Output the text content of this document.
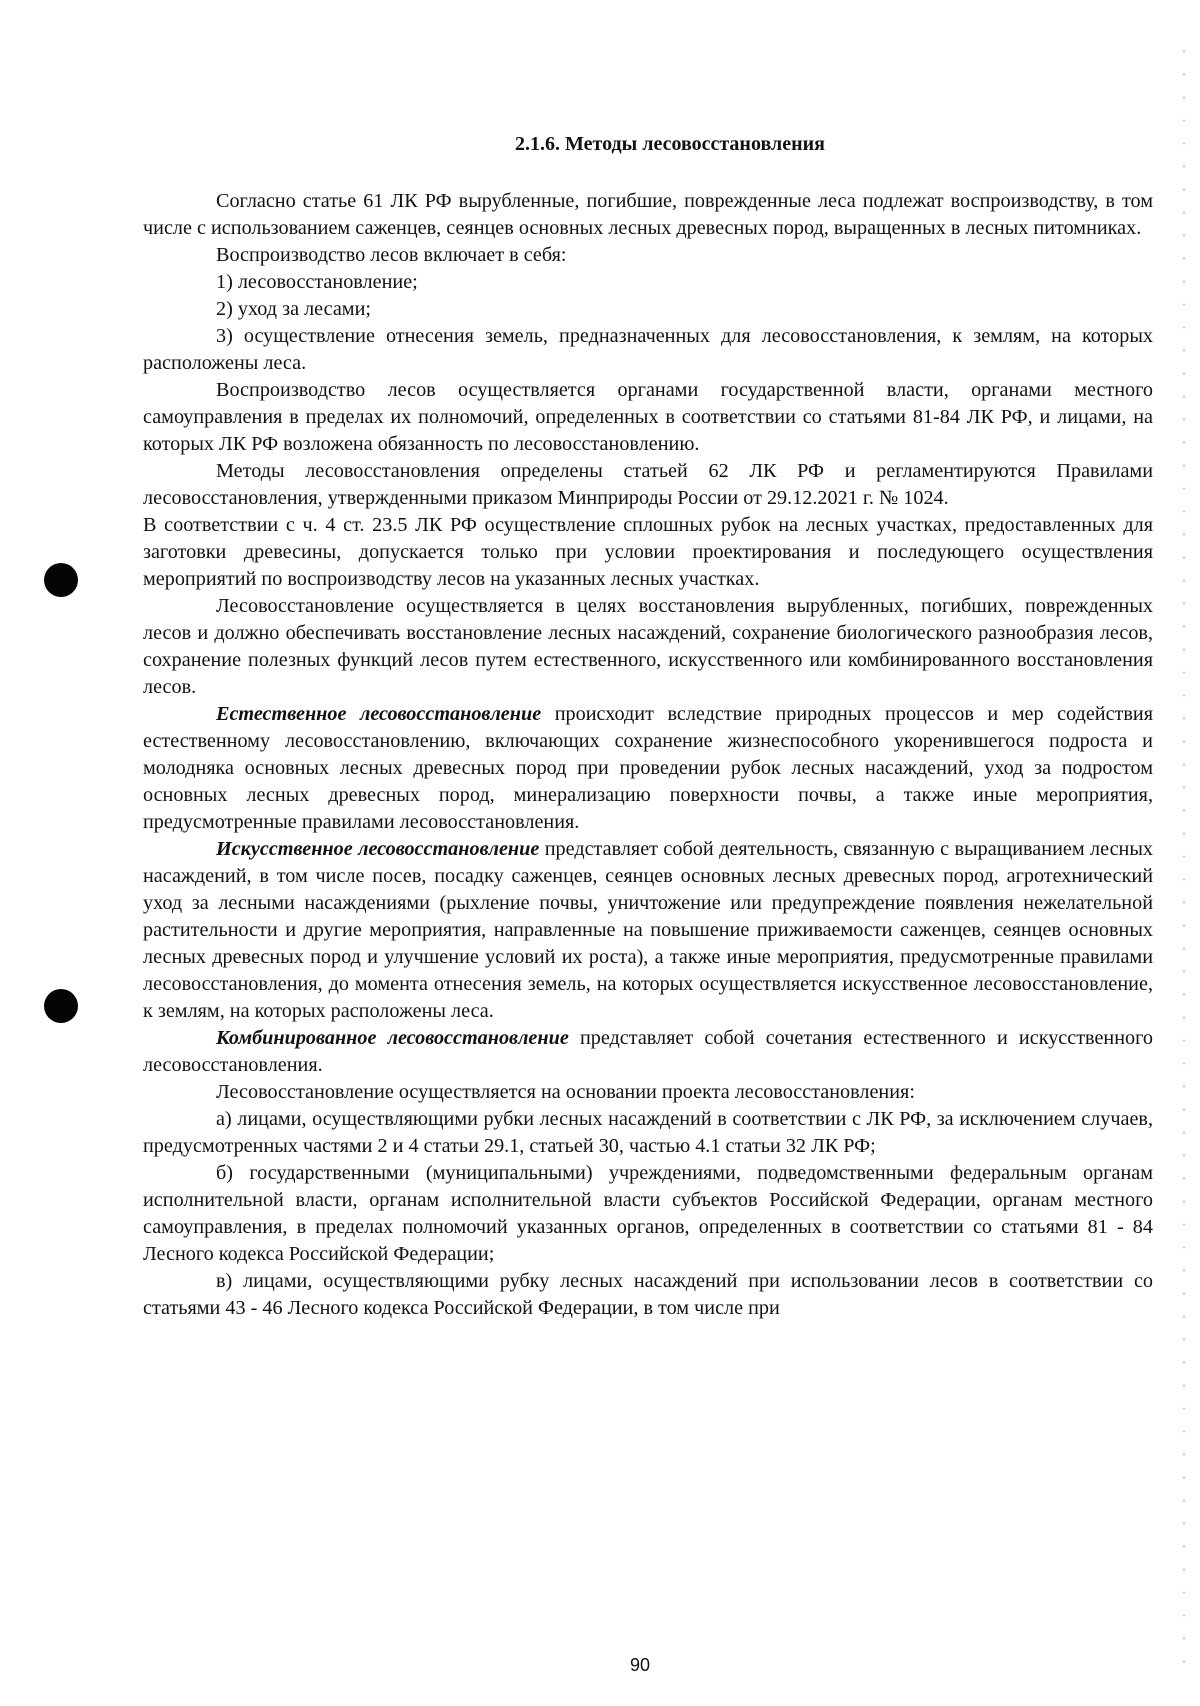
2.1.6. Методы лесовосстановления

Согласно статье 61 ЛК РФ вырубленные, погибшие, поврежденные леса подлежат воспроизводству, в том числе с использованием саженцев, сеянцев основных лесных древесных пород, выращенных в лесных питомниках.

Воспроизводство лесов включает в себя:

1) лесовосстановление;

2) уход за лесами;

3) осуществление отнесения земель, предназначенных для лесовосстановления, к землям, на которых расположены леса.

Воспроизводство лесов осуществляется органами государственной власти, органами местного самоуправления в пределах их полномочий, определенных в соответствии со статьями 81-84 ЛК РФ, и лицами, на которых ЛК РФ возложена обязанность по лесовосстановлению.

Методы лесовосстановления определены статьей 62 ЛК РФ и регламентируются Правилами лесовосстановления, утвержденными приказом Минприроды России от 29.12.2021 г. № 1024.

В соответствии с ч. 4 ст. 23.5 ЛК РФ осуществление сплошных рубок на лесных участках, предоставленных для заготовки древесины, допускается только при условии проектирования и последующего осуществления мероприятий по воспроизводству лесов на указанных лесных участках.

Лесовосстановление осуществляется в целях восстановления вырубленных, погибших, поврежденных лесов и должно обеспечивать восстановление лесных насаждений, сохранение биологического разнообразия лесов, сохранение полезных функций лесов путем естественного, искусственного или комбинированного восстановления лесов.

Естественное лесовосстановление происходит вследствие природных процессов и мер содействия естественному лесовосстановлению, включающих сохранение жизнеспособного укоренившегося подроста и молодняка основных лесных древесных пород при проведении рубок лесных насаждений, уход за подростом основных лесных древесных пород, минерализацию поверхности почвы, а также иные мероприятия, предусмотренные правилами лесовосстановления.

Искусственное лесовосстановление представляет собой деятельность, связанную с выращиванием лесных насаждений, в том числе посев, посадку саженцев, сеянцев основных лесных древесных пород, агротехнический уход за лесными насаждениями (рыхление почвы, уничтожение или предупреждение появления нежелательной растительности и другие мероприятия, направленные на повышение приживаемости саженцев, сеянцев основных лесных древесных пород и улучшение условий их роста), а также иные мероприятия, предусмотренные правилами лесовосстановления, до момента отнесения земель, на которых осуществляется искусственное лесовосстановление, к землям, на которых расположены леса.

Комбинированное лесовосстановление представляет собой сочетания естественного и искусственного лесовосстановления.

Лесовосстановление осуществляется на основании проекта лесовосстановления:

а) лицами, осуществляющими рубки лесных насаждений в соответствии с ЛК РФ, за исключением случаев, предусмотренных частями 2 и 4 статьи 29.1, статьей 30, частью 4.1 статьи 32 ЛК РФ;

б) государственными (муниципальными) учреждениями, подведомственными федеральным органам исполнительной власти, органам исполнительной власти субъектов Российской Федерации, органам местного самоуправления, в пределах полномочий указанных органов, определенных в соответствии со статьями 81 - 84 Лесного кодекса Российской Федерации;

в) лицами, осуществляющими рубку лесных насаждений при использовании лесов в соответствии со статьями 43 - 46 Лесного кодекса Российской Федерации, в том числе при

90
